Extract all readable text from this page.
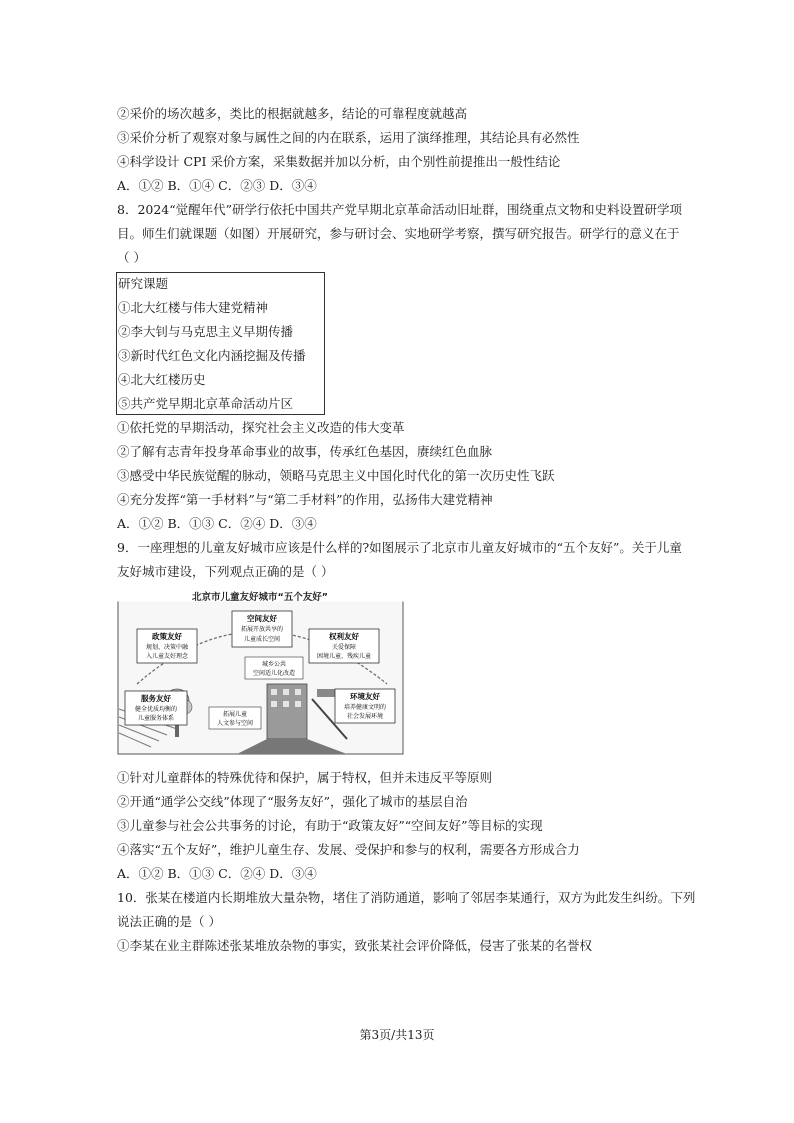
②采价的场次越多，类比的根据就越多，结论的可靠程度就越高
③采价分析了观察对象与属性之间的内在联系，运用了演绎推理，其结论具有必然性
④科学设计 CPI 采价方案，采集数据并加以分析，由个别性前提推出一般性结论
A．①② B．①④ C．②③ D．③④
8．2024“觉醒年代”研学行依托中国共产党早期北京革命活动旧址群，围绕重点文物和史料设置研学项
目。师生们就课题（如图）开展研究，参与研讨会、实地研学考察，撰写研究报告。研学行的意义在于
（ ）
研究课题
①北大红楼与伟大建党精神
②李大钊与马克思主义早期传播
③新时代红色文化内涵挖掘及传播
④北大红楼历史
⑤共产党早期北京革命活动片区
①依托党的早期活动，探究社会主义改造的伟大变革
②了解有志青年投身革命事业的故事，传承红色基因，赓续红色血脉
③感受中华民族觉醒的脉动，领略马克思主义中国化时代化的第一次历史性飞跃
④充分发挥“第一手材料”与“第二手材料”的作用，弘扬伟大建党精神
A．①② B．①③ C．②④ D．③④
9．一座理想的儿童友好城市应该是什么样的?如图展示了北京市儿童友好城市的“五个友好”。关于儿童
友好城市建设，下列观点正确的是（ ）
北京市儿童友好城市“五个友好”
政策友好
规划、决策中融
入儿童友好理念
空间友好
拓展开放共享的
儿童成长空间	权利友好
关爱保障
困境儿童、残疾儿童
服务友好
健全优质均衡的
儿童服务体系
环境友好
培养健康文明的
社会发展环境
城乡公共
空间适儿化改造
拓展儿童
人文参与空间
①针对儿童群体的特殊优待和保护，属于特权，但并未违反平等原则
②开通“通学公交线”体现了“服务友好”，强化了城市的基层自治
③儿童参与社会公共事务的讨论，有助于“政策友好”“空间友好”等目标的实现
④落实“五个友好”，维护儿童生存、发展、受保护和参与的权利，需要各方形成合力
A．①② B．①③ C．②④ D．③④
10．张某在楼道内长期堆放大量杂物，堵住了消防通道，影响了邻居李某通行，双方为此发生纠纷。下列
说法正确的是（ ）
①李某在业主群陈述张某堆放杂物的事实，致张某社会评价降低，侵害了张某的名誉权
第3页/共13页
